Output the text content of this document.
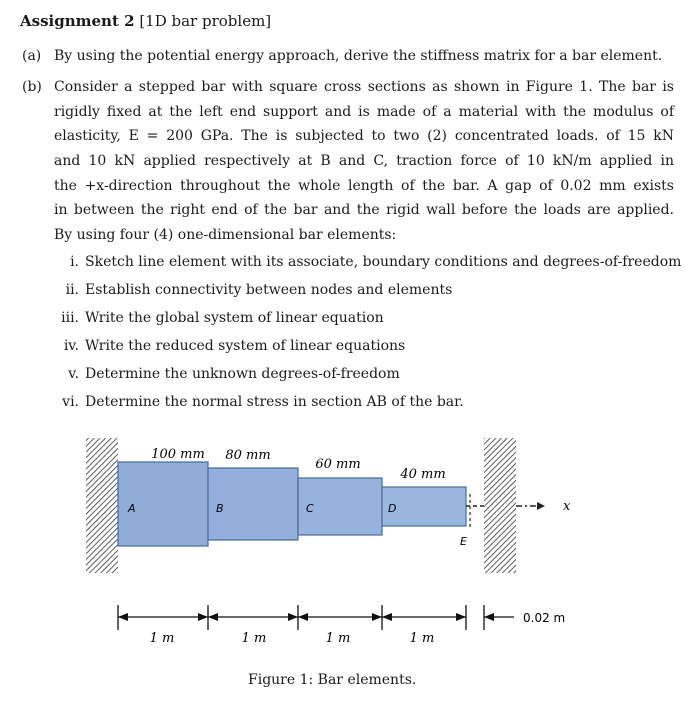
Assignment 2 [1D bar problem]
(a) By using the potential energy approach, derive the stiffness matrix for a bar element.
(b) Consider a stepped bar with square cross sections as shown in Figure 1. The bar is
rigidly fixed at the left end support and is made of a material with the modulus of
elasticity, E = 200 GPa. The is subjected to two (2) concentrated loads. of 15 kN
and 10 kN applied respectively at B and C, traction force of 10 kN/m applied in
the +x-direction throughout the whole length of the bar. A gap of 0.02 mm exists
in between the right end of the bar and the rigid wall before the loads are applied.
By using four (4) one-dimensional bar elements:
i. Sketch line element with its associate, boundary conditions and degrees-of-freedom
ii. Establish connectivity between nodes and elements
iii. Write the global system of linear equation
iv. Write the reduced system of linear equations
v. Determine the unknown degrees-of-freedom
vi. Determine the normal stress in section AB of the bar.
100 mm 80 mm
60 mm
40 mm
A	B	C	D
E
x
1 m	1 m	1 m	1 m
0.02 m
Figure 1: Bar elements.
